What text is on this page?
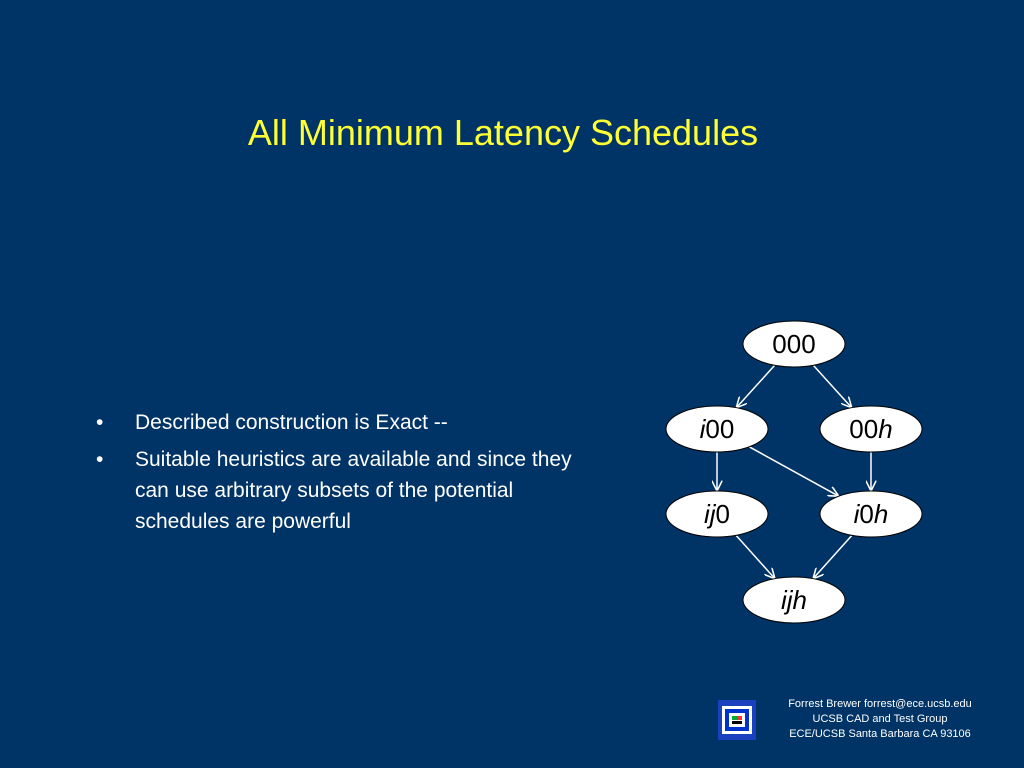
All Minimum Latency Schedules
• Described construction is Exact --
• Suitable heuristics are available and since they can use arbitrary subsets of the potential schedules are powerful
000
i00	00h
ij0	i0h
ijh
Forrest Brewer forrest@ece.ucsb.edu
UCSB CAD and Test Group
ECE/UCSB Santa Barbara CA 93106
